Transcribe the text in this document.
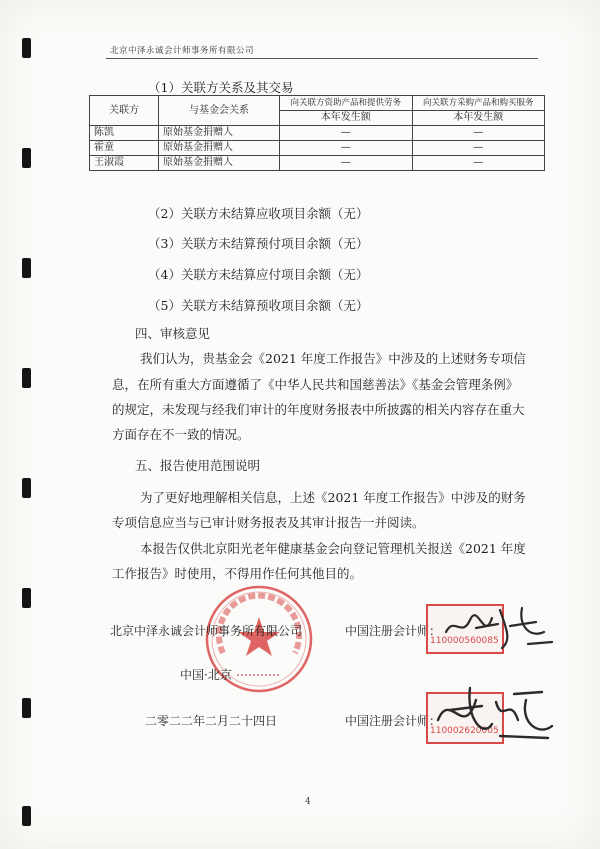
北京中泽永诚会计师事务所有限公司
（1）关联方关系及其交易
关联方	与基金会关系	向关联方资助产品和提供劳务	向关联方采购产品和购买服务
		本年发生额	本年发生额
陈凯	原始基金捐赠人	—	—
霍童	原始基金捐赠人	—	—
王淑霞	原始基金捐赠人	—	—
（2）关联方未结算应收项目余额（无）
（3）关联方未结算预付项目余额（无）
（4）关联方未结算应付项目余额（无）
（5）关联方未结算预收项目余额（无）
四、审核意见
我们认为，贵基金会《2021 年度工作报告》中涉及的上述财务专项信
息，在所有重大方面遵循了《中华人民共和国慈善法》《基金会管理条例》
的规定，未发现与经我们审计的年度财务报表中所披露的相关内容存在重大
方面存在不一致的情况。
五、报告使用范围说明
为了更好地理解相关信息，上述《2021 年度工作报告》中涉及的财务
专项信息应当与已审计财务报表及其审计报告一并阅读。
本报告仅供北京阳光老年健康基金会向登记管理机关报送《2021 年度
工作报告》时使用，不得用作任何其他目的。
北京中泽永诚会计师事务所有限公司
中国·北京
二零二二年二月二十四日
中国注册会计师：
中国注册会计师：
110000560085
110002620005
4
